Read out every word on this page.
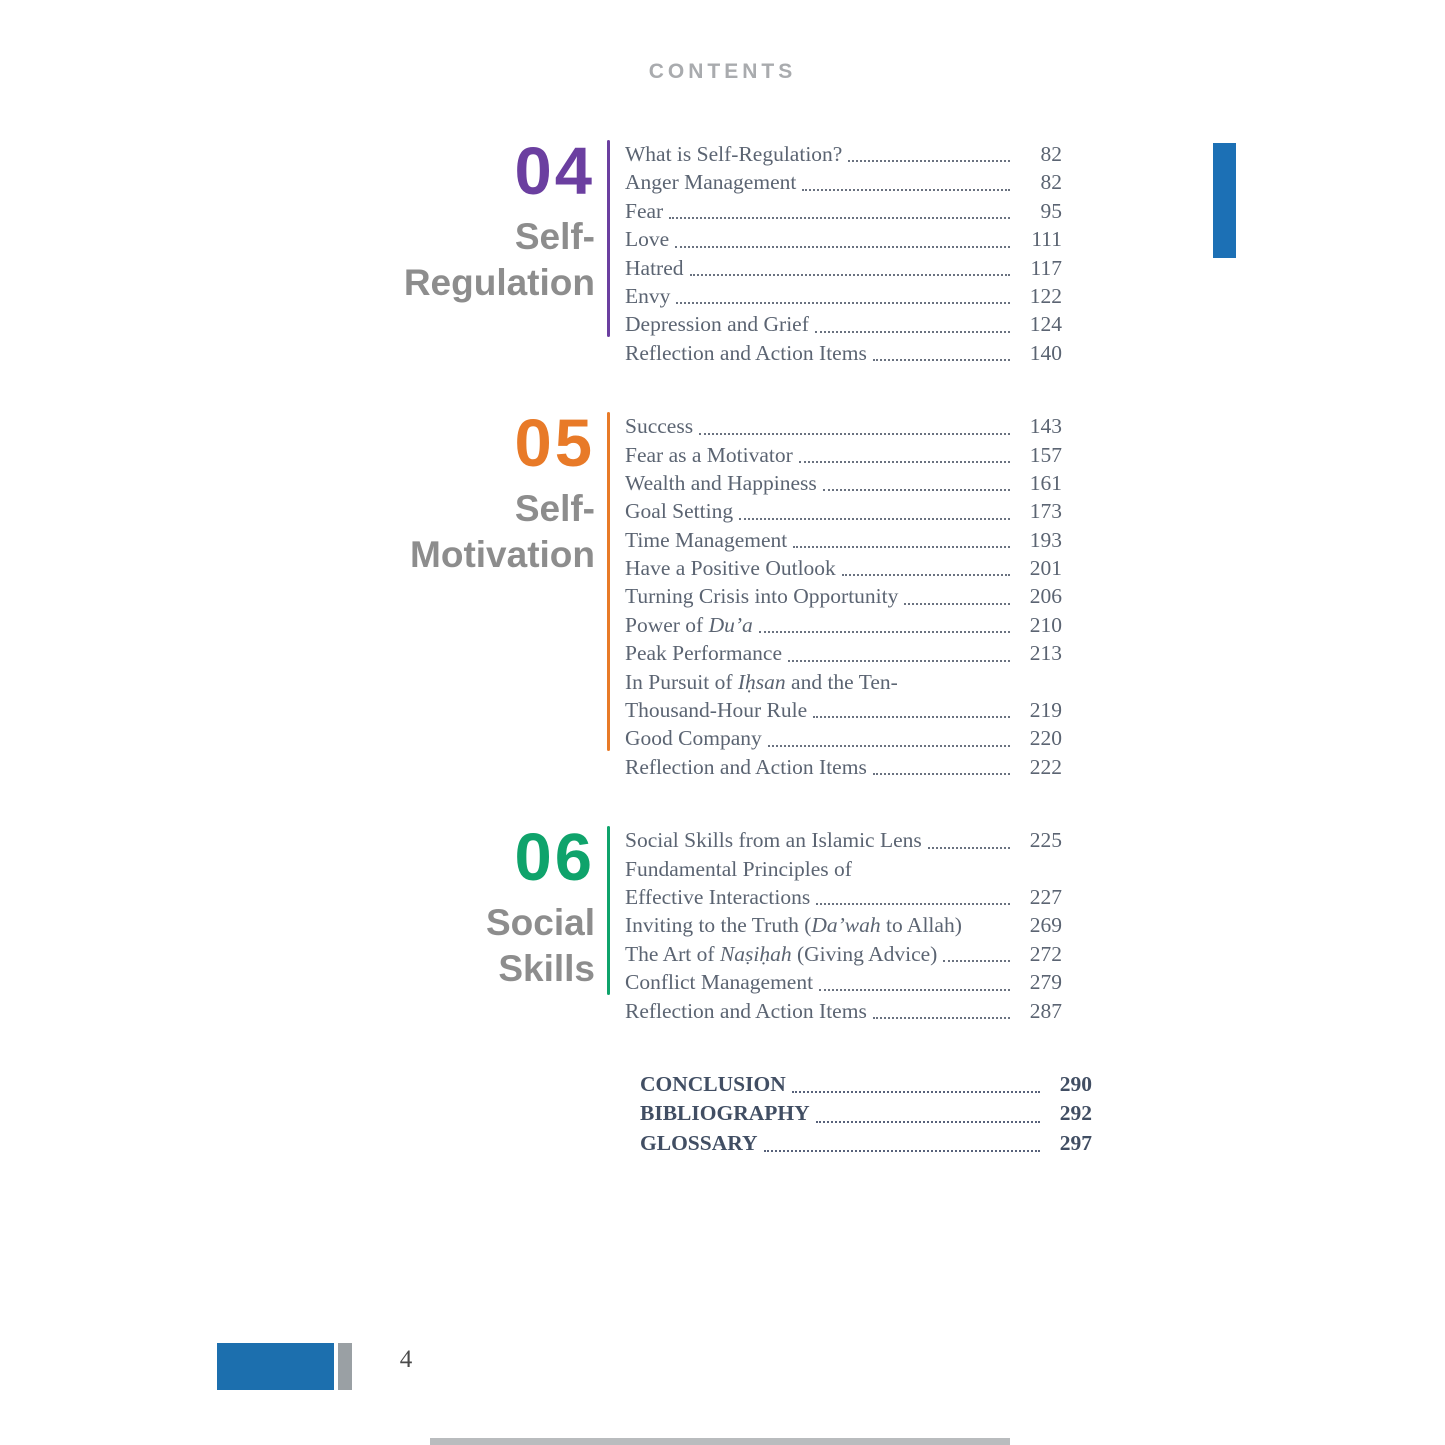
CONTENTS
04
Self-
Regulation
What is Self-Regulation?	82
Anger Management	82
Fear	95
Love	111
Hatred	117
Envy	122
Depression and Grief	124
Reflection and Action Items	140
05
Self-
Motivation
Success	143
Fear as a Motivator	157
Wealth and Happiness	161
Goal Setting	173
Time Management	193
Have a Positive Outlook	201
Turning Crisis into Opportunity	206
Power of Du’a	210
Peak Performance	213
In Pursuit of Iḥsan and the Ten-
Thousand-Hour Rule	219
Good Company	220
Reflection and Action Items	222
06
Social
Skills
Social Skills from an Islamic Lens	225
Fundamental Principles of
Effective Interactions	227
Inviting to the Truth (Da’wah to Allah)	269
The Art of Naṣiḥah (Giving Advice)	272
Conflict Management	279
Reflection and Action Items	287
CONCLUSION	290
BIBLIOGRAPHY	292
GLOSSARY	297
4
